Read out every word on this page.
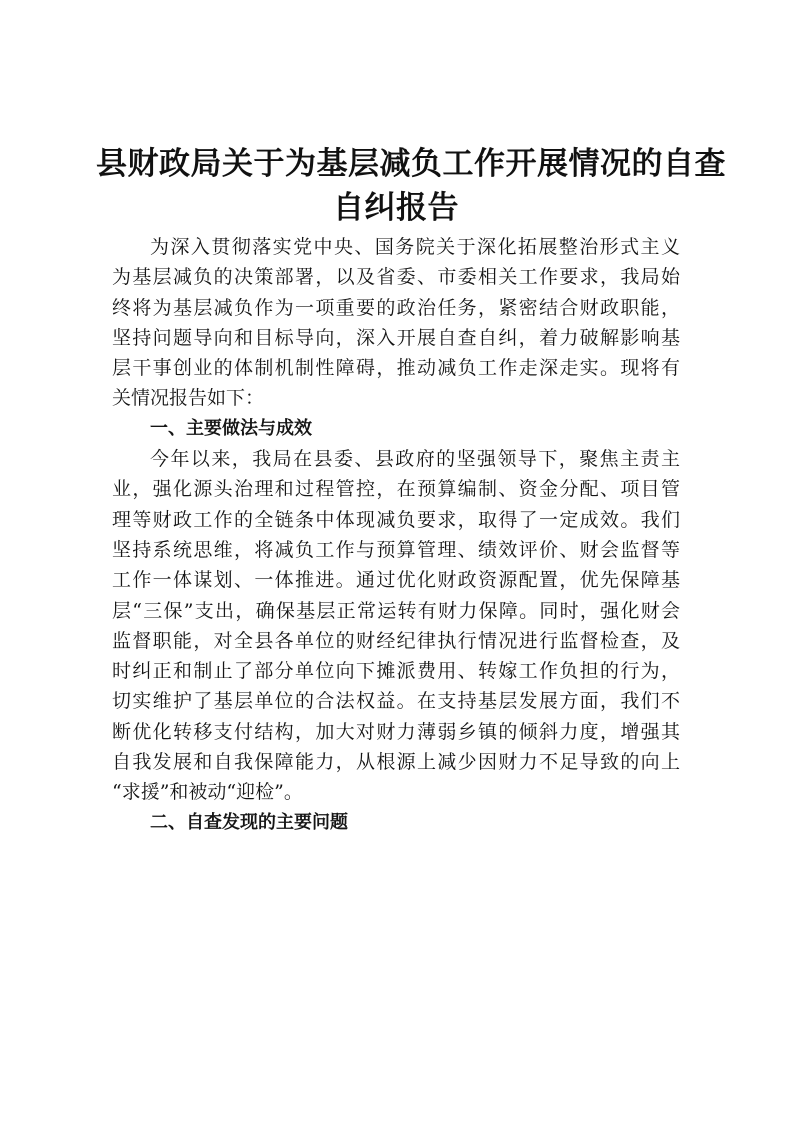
县财政局关于为基层减负工作开展情况的自查
自纠报告
为深入贯彻落实党中央、国务院关于深化拓展整治形式主义
为基层减负的决策部署，以及省委、市委相关工作要求，我局始
终将为基层减负作为一项重要的政治任务，紧密结合财政职能，
坚持问题导向和目标导向，深入开展自查自纠，着力破解影响基
层干事创业的体制机制性障碍，推动减负工作走深走实。现将有
关情况报告如下：
一、主要做法与成效
今年以来，我局在县委、县政府的坚强领导下，聚焦主责主
业，强化源头治理和过程管控，在预算编制、资金分配、项目管
理等财政工作的全链条中体现减负要求，取得了一定成效。我们
坚持系统思维，将减负工作与预算管理、绩效评价、财会监督等
工作一体谋划、一体推进。通过优化财政资源配置，优先保障基
层“三保”支出，确保基层正常运转有财力保障。同时，强化财会
监督职能，对全县各单位的财经纪律执行情况进行监督检查，及
时纠正和制止了部分单位向下摊派费用、转嫁工作负担的行为，
切实维护了基层单位的合法权益。在支持基层发展方面，我们不
断优化转移支付结构，加大对财力薄弱乡镇的倾斜力度，增强其
自我发展和自我保障能力，从根源上减少因财力不足导致的向上
“求援”和被动“迎检”。
二、自查发现的主要问题
